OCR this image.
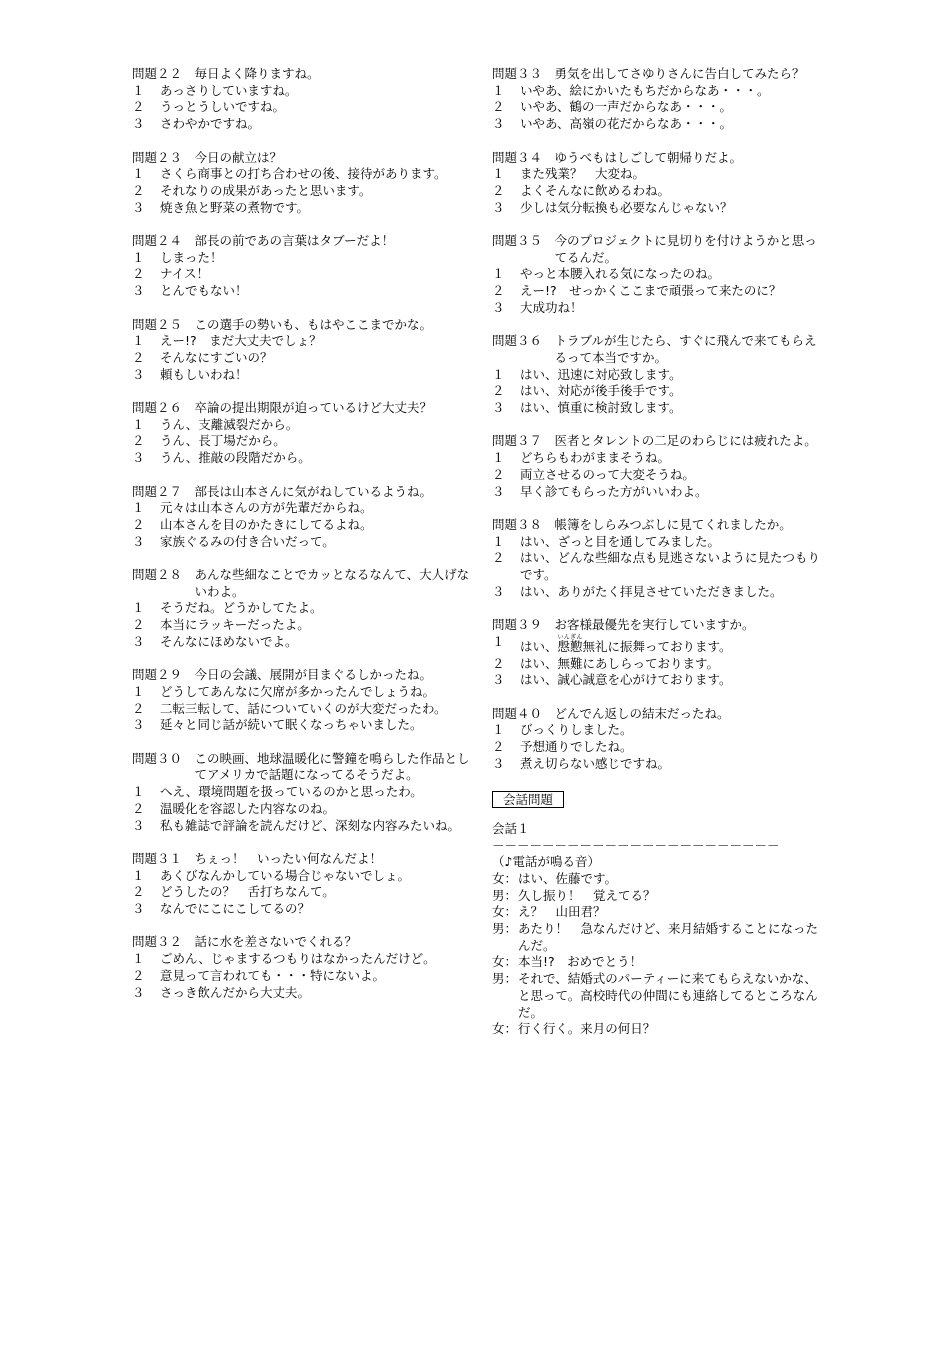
問題２２　 毎日よく降りますね。
１	あっさりしていますね。
２	うっとうしいですね。
３	さわやかですね。
問題２３　 今日の献立は？
１	さくら商事との打ち合わせの後、接待があります。
２	それなりの成果があったと思います。
３	焼き魚と野菜の煮物です。
問題２４　 部長の前であの言葉はタブーだよ！
１	しまった！
２	ナイス！
３	とんでもない！
問題２５　 この選手の勢いも、もはやここまでかな。
１	えー!?　まだ大丈夫でしょ？
２	そんなにすごいの？
３	頼もしいわね！
問題２６　 卒論の提出期限が迫っているけど大丈夫？
１	うん、支離滅裂だから。
２	うん、長丁場だから。
３	うん、推敲の段階だから。
問題２７　 部長は山本さんに気がねしているようね。
１	元々は山本さんの方が先輩だからね。
２	山本さんを目のかたきにしてるよね。
３	家族ぐるみの付き合いだって。
問題２８　 あんな些細なことでカッとなるなんて、大人げないわよ。
１	そうだね。どうかしてたよ。
２	本当にラッキーだったよ。
３	そんなにほめないでよ。
問題２９　 今日の会議、展開が目まぐるしかったね。
１	どうしてあんなに欠席が多かったんでしょうね。
２	二転三転して、話についていくのが大変だったわ。
３	延々と同じ話が続いて眠くなっちゃいました。
問題３０　 この映画、地球温暖化に警鐘を鳴らした作品としてアメリカで話題になってるそうだよ。
１	へえ、環境問題を扱っているのかと思ったわ。
２	温暖化を容認した内容なのね。
３	私も雑誌で評論を読んだけど、深刻な内容みたいね。
問題３１　 ちぇっ！　いったい何なんだよ！
１	あくびなんかしている場合じゃないでしょ。
２	どうしたの？　舌打ちなんて。
３	なんでにこにこしてるの？
問題３２　 話に水を差さないでくれる？
１	ごめん、じゃまするつもりはなかったんだけど。
２	意見って言われても・・・特にないよ。
３	さっき飲んだから大丈夫。
問題３３　 勇気を出してさゆりさんに告白してみたら？
１	いやあ、絵にかいたもちだからなあ・・・。
２	いやあ、鶴の一声だからなあ・・・。
３	いやあ、高嶺の花だからなあ・・・。
問題３４　 ゆうべもはしごして朝帰りだよ。
１	また残業？　大変ね。
２	よくそんなに飲めるわね。
３	少しは気分転換も必要なんじゃない？
問題３５　 今のプロジェクトに見切りを付けようかと思ってるんだ。
１	やっと本腰入れる気になったのね。
２	えー!?　せっかくここまで頑張って来たのに？
３	大成功ね！
問題３６　 トラブルが生じたら、すぐに飛んで来てもらえるって本当ですか。
１	はい、迅速に対応致します。
２	はい、対応が後手後手です。
３	はい、慎重に検討致します。
問題３７　 医者とタレントの二足のわらじには疲れたよ。
１	どちらもわがままそうね。
２	両立させるのって大変そうね。
３	早く診てもらった方がいいわよ。
問題３８　 帳簿をしらみつぶしに見てくれましたか。
１	はい、ざっと目を通してみました。
２	はい、どんな些細な点も見逃さないように見たつもりです。
３	はい、ありがたく拝見させていただきました。
問題３９　 お客様最優先を実行していますか。
１	はい、慇懃いんぎん無礼に振舞っております。
２	はい、無難にあしらっております。
３	はい、誠心誠意を心がけております。
問題４０　 どんでん返しの結末だったね。
１	びっくりしました。
２	予想通りでしたね。
３	煮え切らない感じですね。
会話問題
会話１
－－－－－－－－－－－－－－－－－－－－－－－
（♪電話が鳴る音）
女： はい、佐藤です。
男： 久し振り！　覚えてる？
女： え？　山田君？
男： あたり！　急なんだけど、来月結婚することになったんだ。
女： 本当!?　おめでとう！
男： それで、結婚式のパーティーに来てもらえないかな、と思って。高校時代の仲間にも連絡してるところなんだ。
女： 行く行く。来月の何日？
